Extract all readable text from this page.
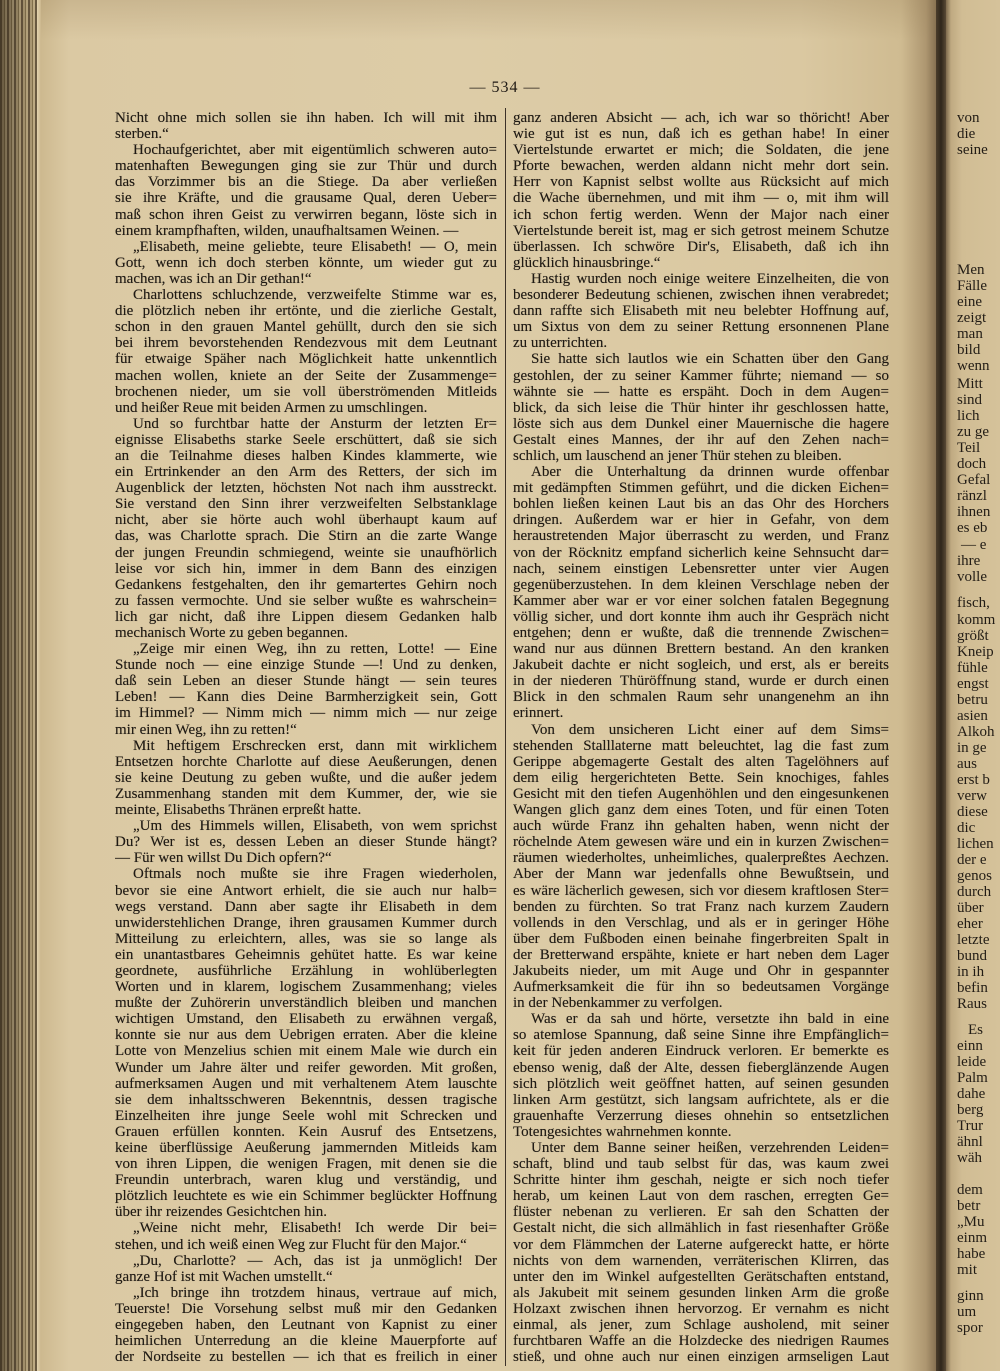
— 534 —
Nicht ohne mich sollen sie ihn haben. Ich will mit ihm
sterben.“
Hochaufgerichtet, aber mit eigentümlich schweren auto=
matenhaften Bewegungen ging sie zur Thür und durch
das Vorzimmer bis an die Stiege. Da aber verließen
sie ihre Kräfte, und die grausame Qual, deren Ueber=
maß schon ihren Geist zu verwirren begann, löste sich in
einem krampfhaften, wilden, unaufhaltsamen Weinen. —
„Elisabeth, meine geliebte, teure Elisabeth! — O, mein
Gott, wenn ich doch sterben könnte, um wieder gut zu
machen, was ich an Dir gethan!“
Charlottens schluchzende, verzweifelte Stimme war es,
die plötzlich neben ihr ertönte, und die zierliche Gestalt,
schon in den grauen Mantel gehüllt, durch den sie sich
bei ihrem bevorstehenden Rendezvous mit dem Leutnant
für etwaige Späher nach Möglichkeit hatte unkenntlich
machen wollen, kniete an der Seite der Zusammenge=
brochenen nieder, um sie voll überströmenden Mitleids
und heißer Reue mit beiden Armen zu umschlingen.
Und so furchtbar hatte der Ansturm der letzten Er=
eignisse Elisabeths starke Seele erschüttert, daß sie sich
an die Teilnahme dieses halben Kindes klammerte, wie
ein Ertrinkender an den Arm des Retters, der sich im
Augenblick der letzten, höchsten Not nach ihm ausstreckt.
Sie verstand den Sinn ihrer verzweifelten Selbstanklage
nicht, aber sie hörte auch wohl überhaupt kaum auf
das, was Charlotte sprach. Die Stirn an die zarte Wange
der jungen Freundin schmiegend, weinte sie unaufhörlich
leise vor sich hin, immer in dem Bann des einzigen
Gedankens festgehalten, den ihr gemartertes Gehirn noch
zu fassen vermochte. Und sie selber wußte es wahrschein=
lich gar nicht, daß ihre Lippen diesem Gedanken halb
mechanisch Worte zu geben begannen.
„Zeige mir einen Weg, ihn zu retten, Lotte! — Eine
Stunde noch — eine einzige Stunde —! Und zu denken,
daß sein Leben an dieser Stunde hängt — sein teures
Leben! — Kann dies Deine Barmherzigkeit sein, Gott
im Himmel? — Nimm mich — nimm mich — nur zeige
mir einen Weg, ihn zu retten!“
Mit heftigem Erschrecken erst, dann mit wirklichem
Entsetzen horchte Charlotte auf diese Aeußerungen, denen
sie keine Deutung zu geben wußte, und die außer jedem
Zusammenhang standen mit dem Kummer, der, wie sie
meinte, Elisabeths Thränen erpreßt hatte.
„Um des Himmels willen, Elisabeth, von wem sprichst
Du? Wer ist es, dessen Leben an dieser Stunde hängt?
— Für wen willst Du Dich opfern?“
Oftmals noch mußte sie ihre Fragen wiederholen,
bevor sie eine Antwort erhielt, die sie auch nur halb=
wegs verstand. Dann aber sagte ihr Elisabeth in dem
unwiderstehlichen Drange, ihren grausamen Kummer durch
Mitteilung zu erleichtern, alles, was sie so lange als
ein unantastbares Geheimnis gehütet hatte. Es war keine
geordnete, ausführliche Erzählung in wohlüberlegten
Worten und in klarem, logischem Zusammenhang; vieles
mußte der Zuhörerin unverständlich bleiben und manchen
wichtigen Umstand, den Elisabeth zu erwähnen vergaß,
konnte sie nur aus dem Uebrigen erraten. Aber die kleine
Lotte von Menzelius schien mit einem Male wie durch ein
Wunder um Jahre älter und reifer geworden. Mit großen,
aufmerksamen Augen und mit verhaltenem Atem lauschte
sie dem inhaltsschweren Bekenntnis, dessen tragische
Einzelheiten ihre junge Seele wohl mit Schrecken und
Grauen erfüllen konnten. Kein Ausruf des Entsetzens,
keine überflüssige Aeußerung jammernden Mitleids kam
von ihren Lippen, die wenigen Fragen, mit denen sie die
Freundin unterbrach, waren klug und verständig, und
plötzlich leuchtete es wie ein Schimmer beglückter Hoffnung
über ihr reizendes Gesichtchen hin.
„Weine nicht mehr, Elisabeth! Ich werde Dir bei=
stehen, und ich weiß einen Weg zur Flucht für den Major.“
„Du, Charlotte? — Ach, das ist ja unmöglich! Der
ganze Hof ist mit Wachen umstellt.“
„Ich bringe ihn trotzdem hinaus, vertraue auf mich,
Teuerste! Die Vorsehung selbst muß mir den Gedanken
eingegeben haben, den Leutnant von Kapnist zu einer
heimlichen Unterredung an die kleine Mauerpforte auf
der Nordseite zu bestellen — ich that es freilich in einer
ganz anderen Absicht — ach, ich war so thöricht! Aber
wie gut ist es nun, daß ich es gethan habe! In einer
Viertelstunde erwartet er mich; die Soldaten, die jene
Pforte bewachen, werden aldann nicht mehr dort sein.
Herr von Kapnist selbst wollte aus Rücksicht auf mich
die Wache übernehmen, und mit ihm — o, mit ihm will
ich schon fertig werden. Wenn der Major nach einer
Viertelstunde bereit ist, mag er sich getrost meinem Schutze
überlassen. Ich schwöre Dir's, Elisabeth, daß ich ihn
glücklich hinausbringe.“
Hastig wurden noch einige weitere Einzelheiten, die von
besonderer Bedeutung schienen, zwischen ihnen verabredet;
dann raffte sich Elisabeth mit neu belebter Hoffnung auf,
um Sixtus von dem zu seiner Rettung ersonnenen Plane
zu unterrichten.
Sie hatte sich lautlos wie ein Schatten über den Gang
gestohlen, der zu seiner Kammer führte; niemand — so
wähnte sie — hatte es erspäht. Doch in dem Augen=
blick, da sich leise die Thür hinter ihr geschlossen hatte,
löste sich aus dem Dunkel einer Mauernische die hagere
Gestalt eines Mannes, der ihr auf den Zehen nach=
schlich, um lauschend an jener Thür stehen zu bleiben.
Aber die Unterhaltung da drinnen wurde offenbar
mit gedämpften Stimmen geführt, und die dicken Eichen=
bohlen ließen keinen Laut bis an das Ohr des Horchers
dringen. Außerdem war er hier in Gefahr, von dem
heraustretenden Major überrascht zu werden, und Franz
von der Röcknitz empfand sicherlich keine Sehnsucht dar=
nach, seinem einstigen Lebensretter unter vier Augen
gegenüberzustehen. In dem kleinen Verschlage neben der
Kammer aber war er vor einer solchen fatalen Begegnung
völlig sicher, und dort konnte ihm auch ihr Gespräch nicht
entgehen; denn er wußte, daß die trennende Zwischen=
wand nur aus dünnen Brettern bestand. An den kranken
Jakubeit dachte er nicht sogleich, und erst, als er bereits
in der niederen Thüröffnung stand, wurde er durch einen
Blick in den schmalen Raum sehr unangenehm an ihn
erinnert.
Von dem unsicheren Licht einer auf dem Sims=
stehenden Stalllaterne matt beleuchtet, lag die fast zum
Gerippe abgemagerte Gestalt des alten Tagelöhners auf
dem eilig hergerichteten Bette. Sein knochiges, fahles
Gesicht mit den tiefen Augenhöhlen und den eingesunkenen
Wangen glich ganz dem eines Toten, und für einen Toten
auch würde Franz ihn gehalten haben, wenn nicht der
röchelnde Atem gewesen wäre und ein in kurzen Zwischen=
räumen wiederholtes, unheimliches, qualerpreßtes Aechzen.
Aber der Mann war jedenfalls ohne Bewußtsein, und
es wäre lächerlich gewesen, sich vor diesem kraftlosen Ster=
benden zu fürchten. So trat Franz nach kurzem Zaudern
vollends in den Verschlag, und als er in geringer Höhe
über dem Fußboden einen beinahe fingerbreiten Spalt in
der Bretterwand erspähte, kniete er hart neben dem Lager
Jakubeits nieder, um mit Auge und Ohr in gespannter
Aufmerksamkeit die für ihn so bedeutsamen Vorgänge
in der Nebenkammer zu verfolgen.
Was er da sah und hörte, versetzte ihn bald in eine
so atemlose Spannung, daß seine Sinne ihre Empfänglich=
keit für jeden anderen Eindruck verloren. Er bemerkte es
ebenso wenig, daß der Alte, dessen fieberglänzende Augen
sich plötzlich weit geöffnet hatten, auf seinen gesunden
linken Arm gestützt, sich langsam aufrichtete, als er die
grauenhafte Verzerrung dieses ohnehin so entsetzlichen
Totengesichtes wahrnehmen konnte.
Unter dem Banne seiner heißen, verzehrenden Leiden=
schaft, blind und taub selbst für das, was kaum zwei
Schritte hinter ihm geschah, neigte er sich noch tiefer
herab, um keinen Laut von dem raschen, erregten Ge=
flüster nebenan zu verlieren. Er sah den Schatten der
Gestalt nicht, die sich allmählich in fast riesenhafter Größe
vor dem Flämmchen der Laterne aufgereckt hatte, er hörte
nichts von dem warnenden, verräterischen Klirren, das
unter den im Winkel aufgestellten Gerätschaften entstand,
als Jakubeit mit seinem gesunden linken Arm die große
Holzaxt zwischen ihnen hervorzog. Er vernahm es nicht
einmal, als jener, zum Schlage ausholend, mit seiner
furchtbaren Waffe an die Holzdecke des niedrigen Raumes
stieß, und ohne auch nur einen einzigen armseligen Laut
von
die
seine
Men
Fälle
eine
zeigt
man
bild
wenn
Mitt
sind
lich
zu ge
Teil
doch
Gefal
ränzl
ihnen
es eb
— e
ihre
volle
fisch,
komm
größt
Kneip
fühle
engst
betru
asien
Alkoh
in ge
aus
erst b
verw
diese
dic
lichen
der e
genos
durch
über
eher
letzte
bund
in ih
befin
Raus
Es
einn
leide
Palm
dahe
berg
Trur
ähnl
wäh
dem
betr
„Mu
einm
habe
mit
ginn
um
spor
